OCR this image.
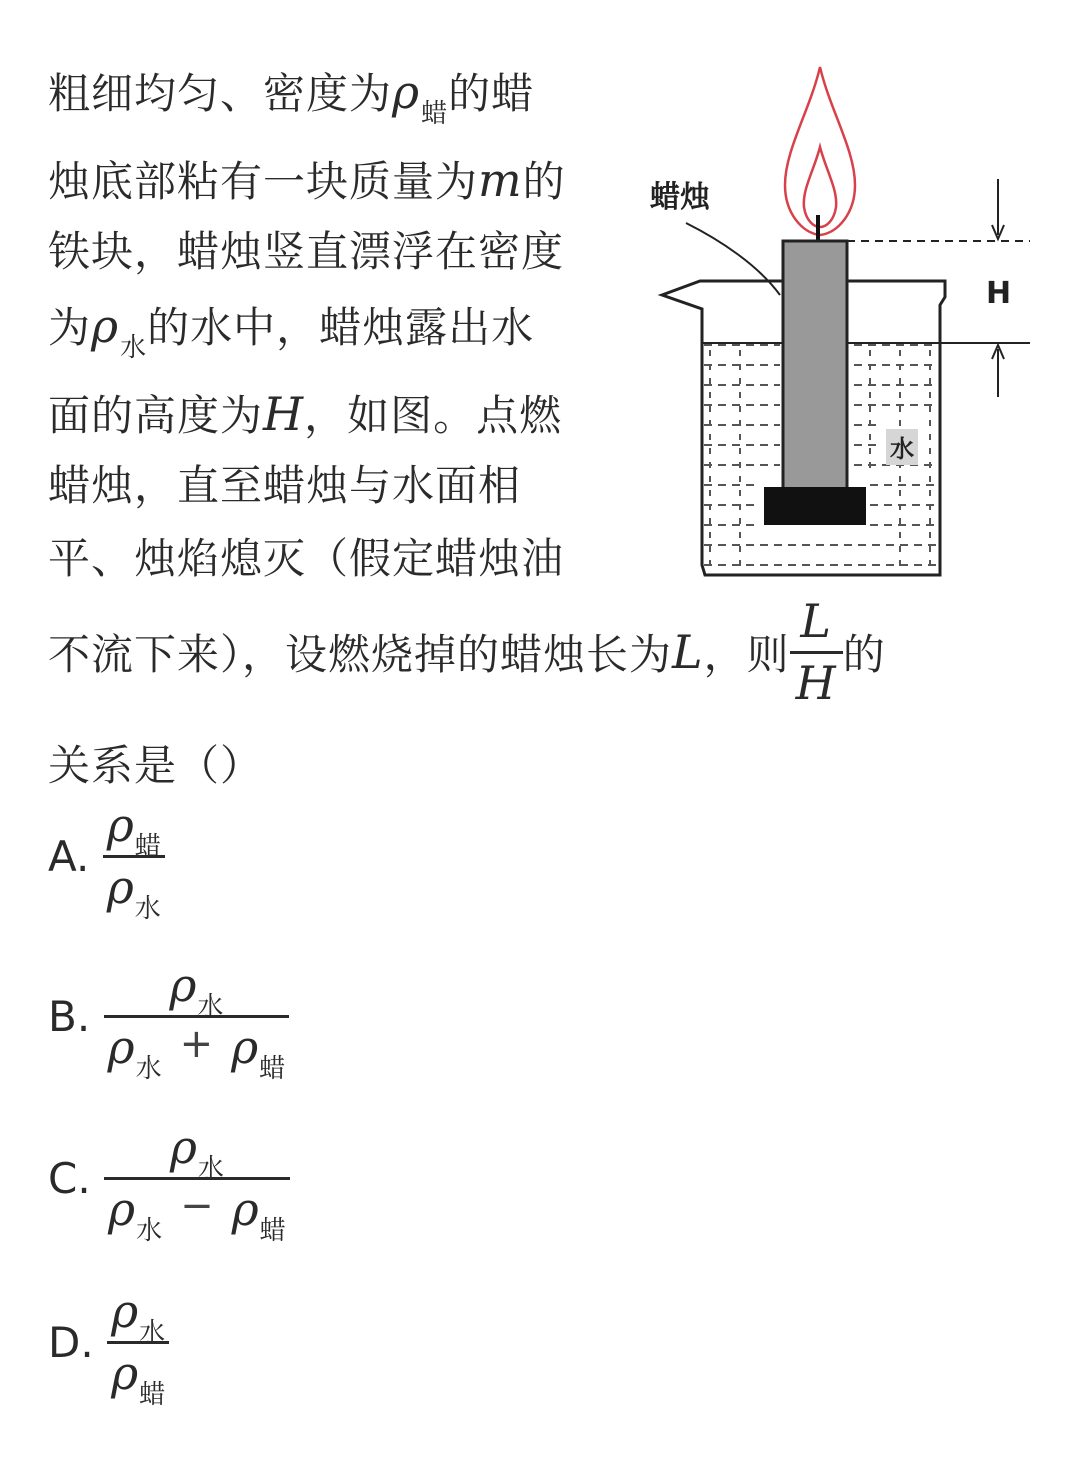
粗细均匀、密度为$\rho_蜡$的蜡
烛底部粘有一块质量为m的
铁块，蜡烛竖直漂浮在密度
为$\rho_水$的水中，蜡烛露出水
面的高度为H，如图。点燃
蜡烛，直至蜡烛与水面相
平、烛焰熄灭（假定蜡烛油
不流下来），设燃烧掉的蜡烛长为L，则 $\frac{L}{H}$ 的
关系是（）
A. $\frac{\rho_蜡}{\rho_水}$
B. $\frac{\rho_水}{\rho_水+ \rho_蜡}$
C. $\frac{\rho_水}{\rho_水- \rho_蜡}$
D. $\frac{\rho_水}{\rho_蜡}$
水
蜡烛
H
